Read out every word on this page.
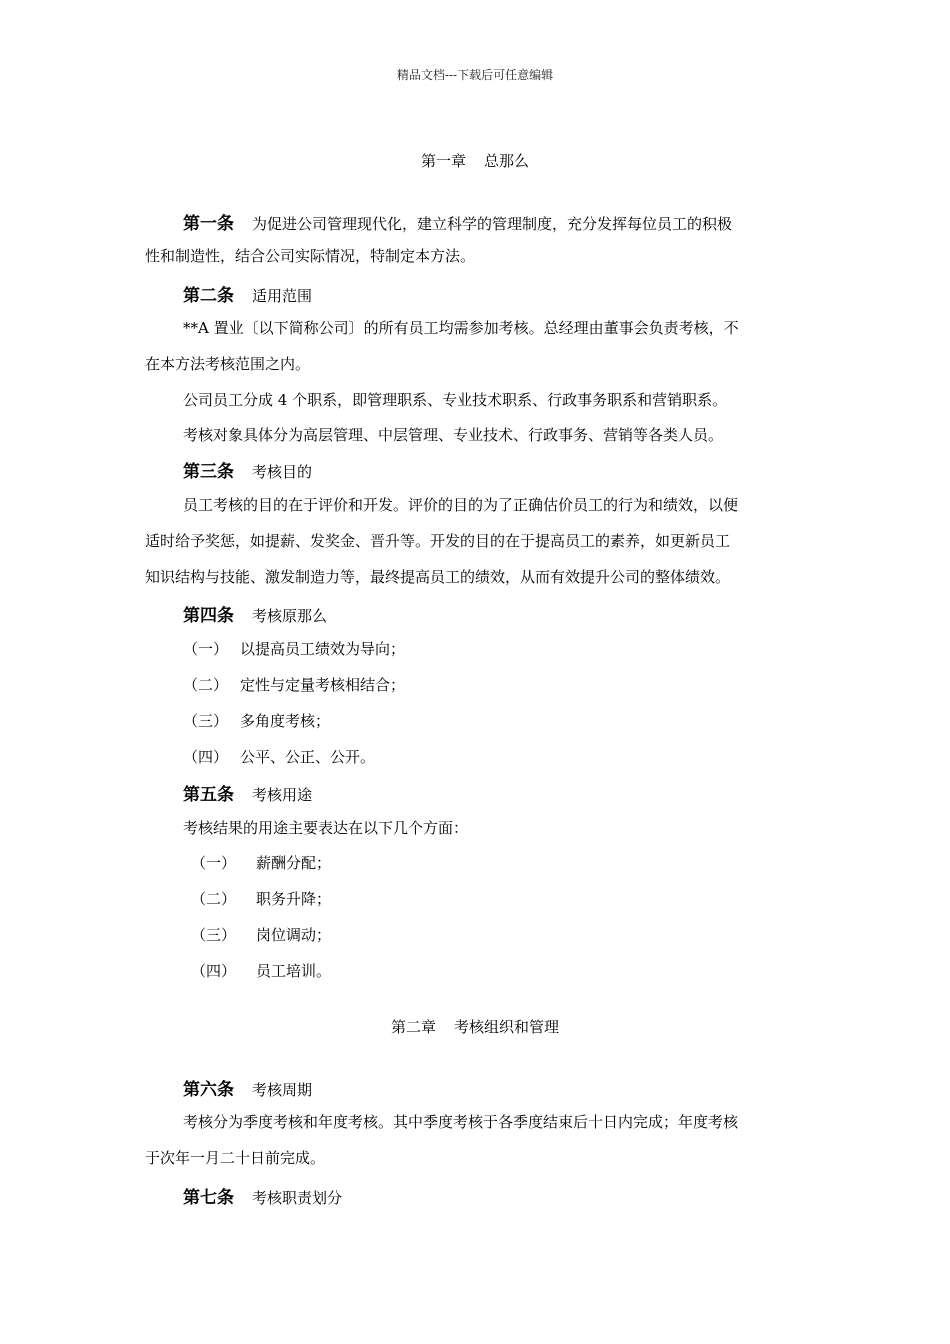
精品文档---下载后可任意编辑
第一章 总那么
第一条 为促进公司管理现代化，建立科学的管理制度，充分发挥每位员工的积极
性和制造性，结合公司实际情况，特制定本方法。
第二条 适用范围
**A 置业〔以下简称公司〕的所有员工均需参加考核。总经理由董事会负责考核，不
在本方法考核范围之内。
公司员工分成 4 个职系，即管理职系、专业技术职系、行政事务职系和营销职系。
考核对象具体分为高层管理、中层管理、专业技术、行政事务、营销等各类人员。
第三条 考核目的
员工考核的目的在于评价和开发。评价的目的为了正确估价员工的行为和绩效，以便
适时给予奖惩，如提薪、发奖金、晋升等。开发的目的在于提高员工的素养，如更新员工
知识结构与技能、激发制造力等，最终提高员工的绩效，从而有效提升公司的整体绩效。
第四条 考核原那么
（一） 以提高员工绩效为导向；
（二） 定性与定量考核相结合；
（三） 多角度考核；
（四） 公平、公正、公开。
第五条 考核用途
考核结果的用途主要表达在以下几个方面：
（一） 薪酬分配；
（二） 职务升降；
（三） 岗位调动；
（四） 员工培训。
第二章 考核组织和管理
第六条 考核周期
考核分为季度考核和年度考核。其中季度考核于各季度结束后十日内完成；年度考核
于次年一月二十日前完成。
第七条 考核职责划分
